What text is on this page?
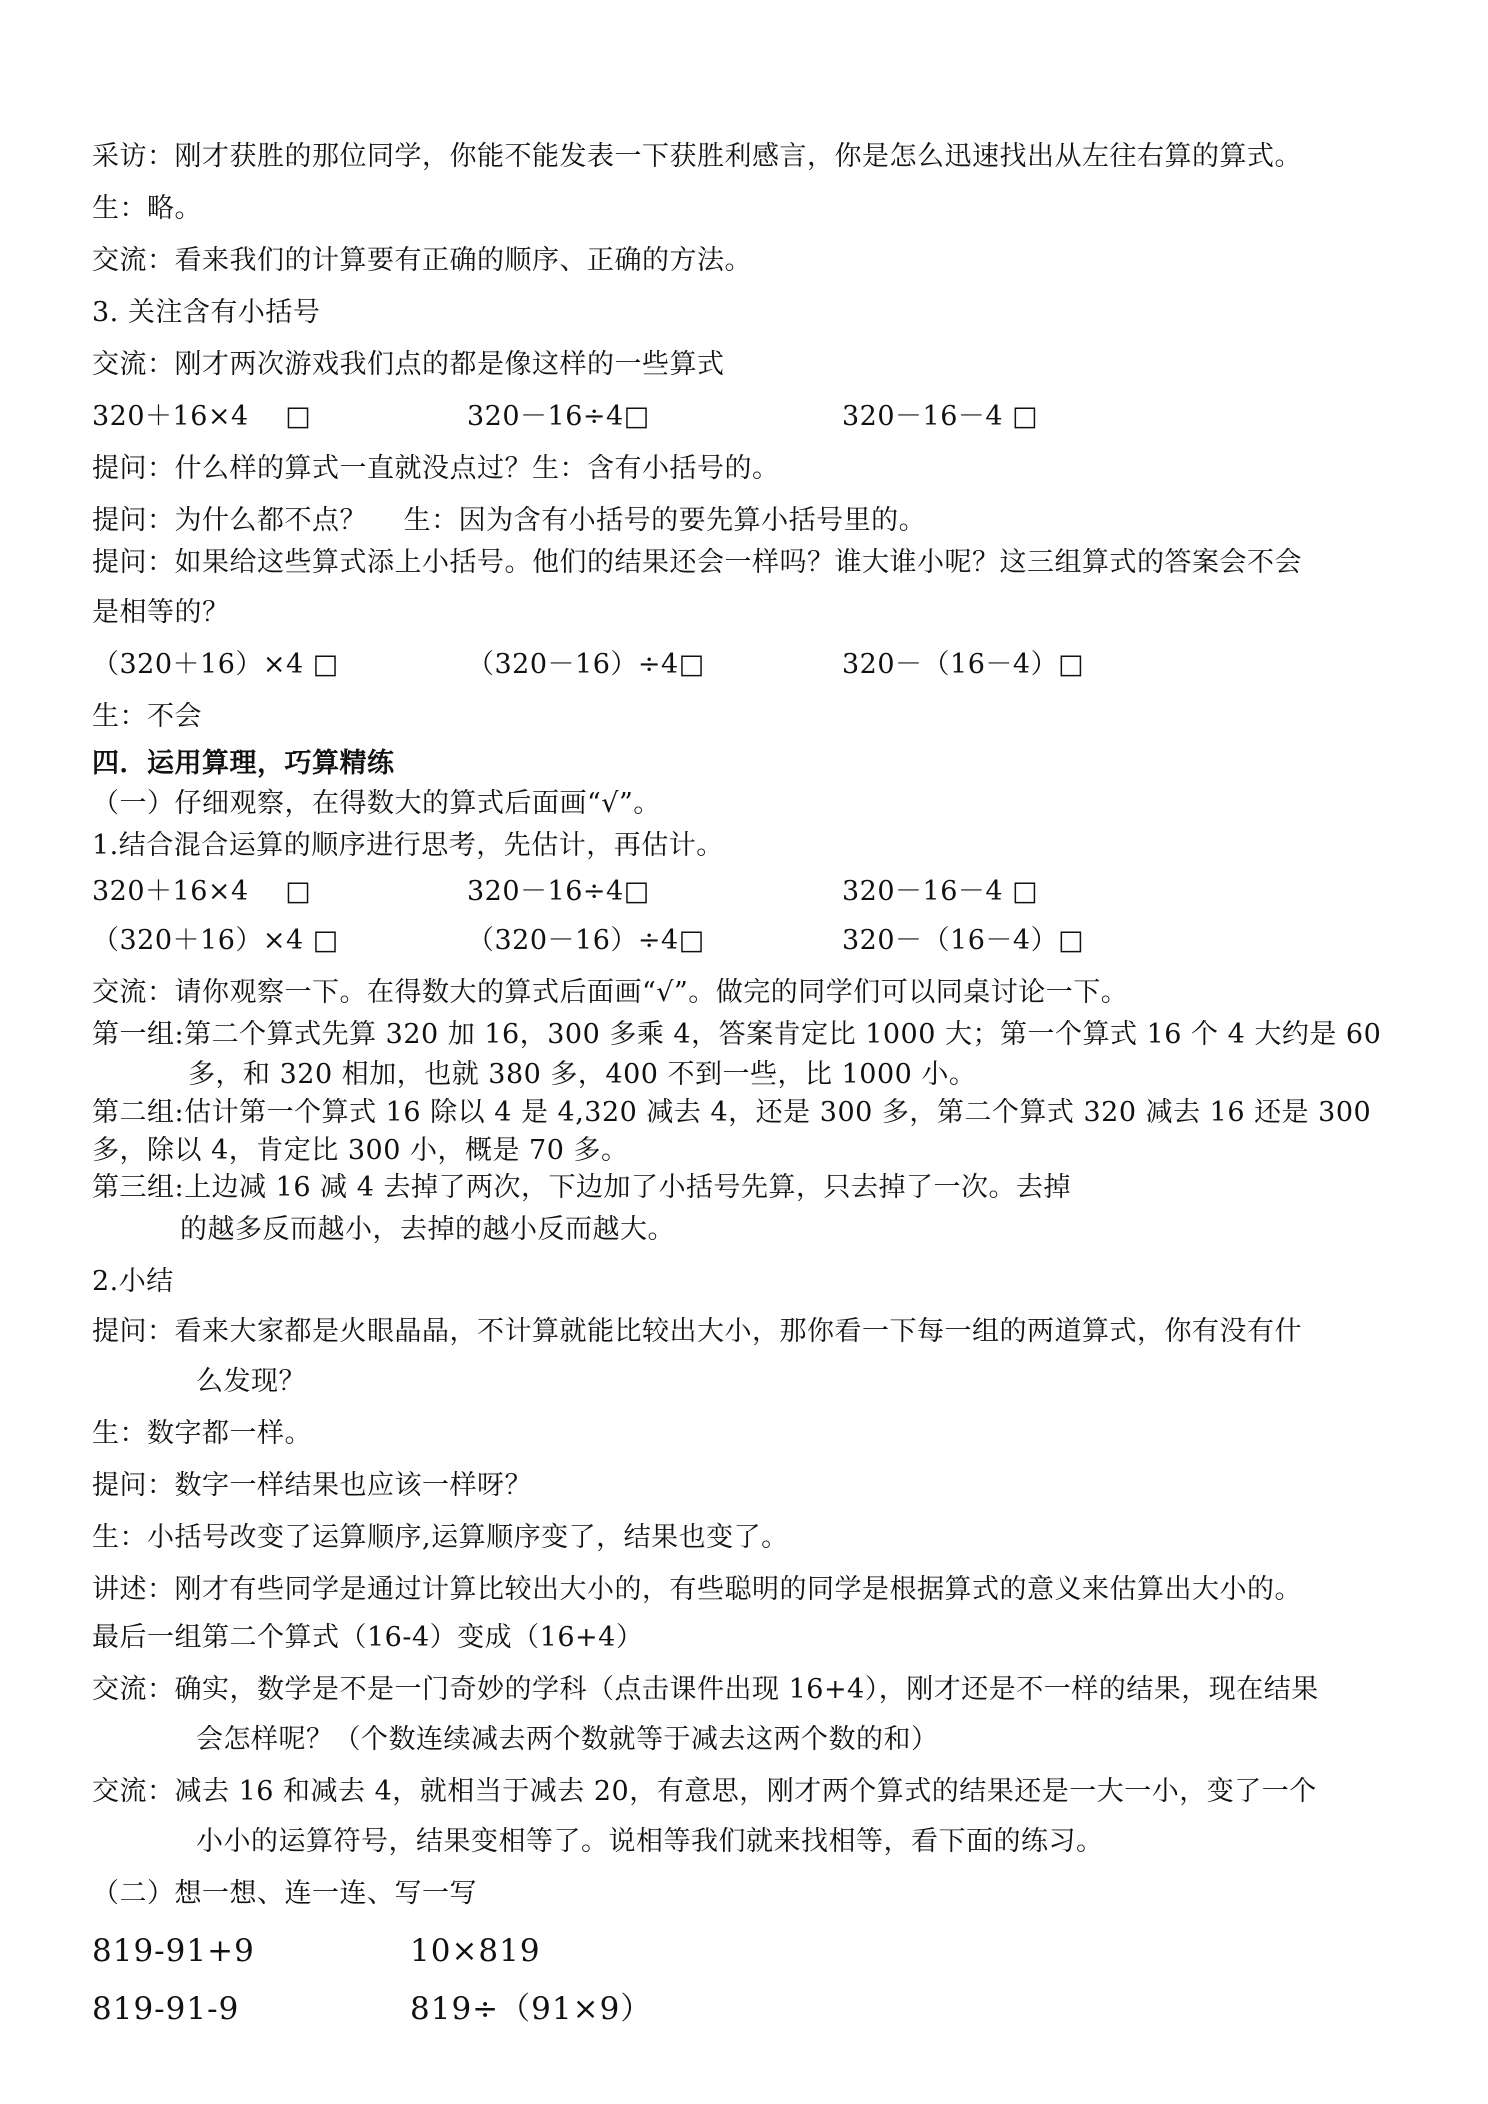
采访：刚才获胜的那位同学，你能不能发表一下获胜利感言，你是怎么迅速找出从左往右算的算式。
生：略。
交流：看来我们的计算要有正确的顺序、正确的方法。
3. 关注含有小括号
交流：刚才两次游戏我们点的都是像这样的一些算式
320＋16×4　 □	320－16÷4□	320－16－4 □
提问：什么样的算式一直就没点过？生：含有小括号的。
提问：为什么都不点？　 生：因为含有小括号的要先算小括号里的。
提问：如果给这些算式添上小括号。他们的结果还会一样吗？谁大谁小呢？这三组算式的答案会不会
是相等的？
（320＋16）×4 □	（320－16）÷4□	320－（16－4）□
生：不会
四．运用算理，巧算精练
（一）仔细观察，在得数大的算式后面画“√”。
1.结合混合运算的顺序进行思考，先估计，再估计。
320＋16×4　 □	320－16÷4□	320－16－4 □
（320＋16）×4 □	（320－16）÷4□	320－（16－4）□
交流：请你观察一下。在得数大的算式后面画“√”。做完的同学们可以同桌讨论一下。
第一组:第二个算式先算 320 加 16，300 多乘 4，答案肯定比 1000 大；第一个算式 16 个 4 大约是 60
多，和 320 相加，也就 380 多，400 不到一些，比 1000 小。
第二组:估计第一个算式 16 除以 4 是 4,320 减去 4，还是 300 多，第二个算式 320 减去 16 还是 300
多，除以 4，肯定比 300 小，概是 70 多。
第三组:上边减 16 减 4 去掉了两次，下边加了小括号先算，只去掉了一次。去掉
的越多反而越小，去掉的越小反而越大。
2.小结
提问：看来大家都是火眼晶晶，不计算就能比较出大小，那你看一下每一组的两道算式，你有没有什
么发现？
生：数字都一样。
提问：数字一样结果也应该一样呀？
生：小括号改变了运算顺序,运算顺序变了，结果也变了。
讲述：刚才有些同学是通过计算比较出大小的，有些聪明的同学是根据算式的意义来估算出大小的。
最后一组第二个算式（16-4）变成（16+4）
交流：确实，数学是不是一门奇妙的学科（点击课件出现 16+4），刚才还是不一样的结果，现在结果
会怎样呢？（个数连续减去两个数就等于减去这两个数的和）
交流：减去 16 和减去 4，就相当于减去 20，有意思，刚才两个算式的结果还是一大一小，变了一个
小小的运算符号，结果变相等了。说相等我们就来找相等，看下面的练习。
（二）想一想、连一连、写一写
819-91+9	10×819
819-91-9	819÷（91×9）
